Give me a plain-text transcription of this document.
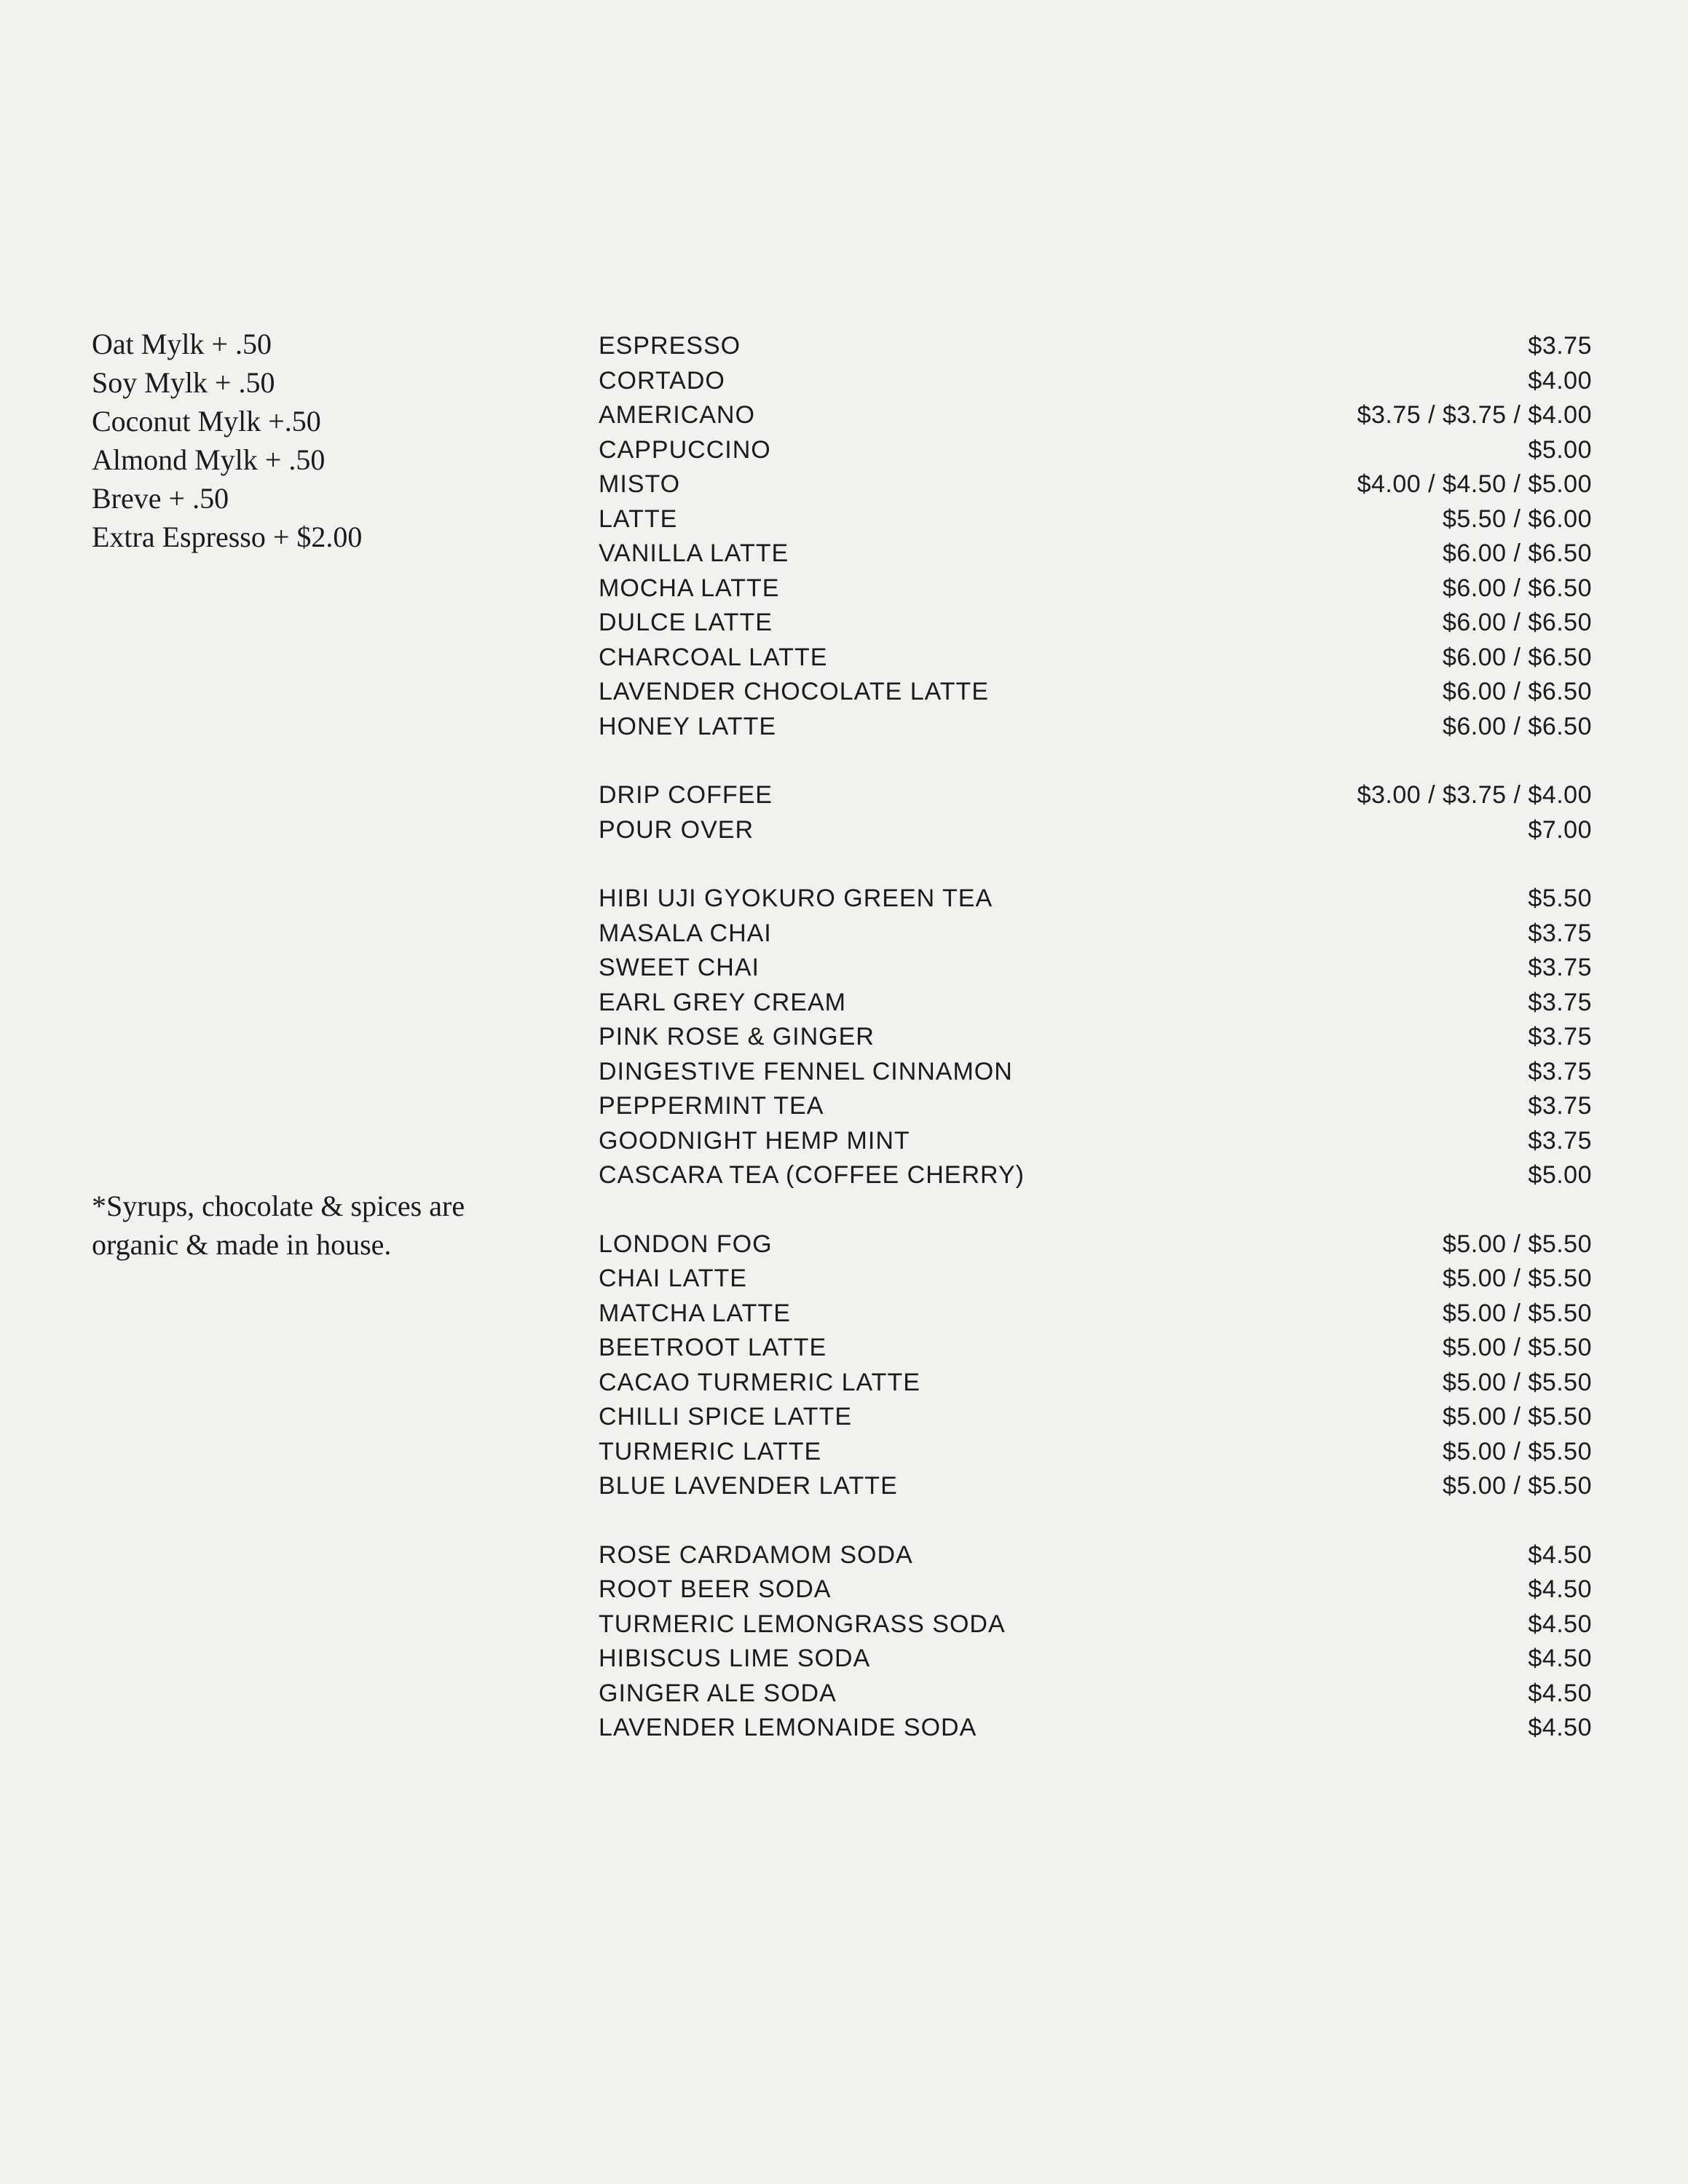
Oat Mylk + .50
Soy Mylk + .50
Coconut Mylk +.50
Almond Mylk + .50
Breve + .50
Extra Espresso + $2.00
*Syrups, chocolate & spices are
organic & made in house.
ESPRESSO	$3.75
CORTADO	$4.00
AMERICANO	$3.75 / $3.75 / $4.00
CAPPUCCINO	$5.00
MISTO	$4.00 / $4.50 / $5.00
LATTE	$5.50 / $6.00
VANILLA LATTE	$6.00 / $6.50
MOCHA LATTE	$6.00 / $6.50
DULCE LATTE	$6.00 / $6.50
CHARCOAL LATTE	$6.00 / $6.50
LAVENDER CHOCOLATE LATTE	$6.00 / $6.50
HONEY LATTE	$6.00 / $6.50
DRIP COFFEE	$3.00 / $3.75 / $4.00
POUR OVER	$7.00
HIBI UJI GYOKURO GREEN TEA	$5.50
MASALA CHAI	$3.75
SWEET CHAI	$3.75
EARL GREY CREAM	$3.75
PINK ROSE & GINGER	$3.75
DINGESTIVE FENNEL CINNAMON	$3.75
PEPPERMINT TEA	$3.75
GOODNIGHT HEMP MINT	$3.75
CASCARA TEA (COFFEE CHERRY)	$5.00
LONDON FOG	$5.00 / $5.50
CHAI LATTE	$5.00 / $5.50
MATCHA LATTE	$5.00 / $5.50
BEETROOT LATTE	$5.00 / $5.50
CACAO TURMERIC LATTE	$5.00 / $5.50
CHILLI SPICE LATTE	$5.00 / $5.50
TURMERIC LATTE	$5.00 / $5.50
BLUE LAVENDER LATTE	$5.00 / $5.50
ROSE CARDAMOM SODA	$4.50
ROOT BEER SODA	$4.50
TURMERIC LEMONGRASS SODA	$4.50
HIBISCUS LIME SODA	$4.50
GINGER ALE SODA	$4.50
LAVENDER LEMONAIDE SODA	$4.50
